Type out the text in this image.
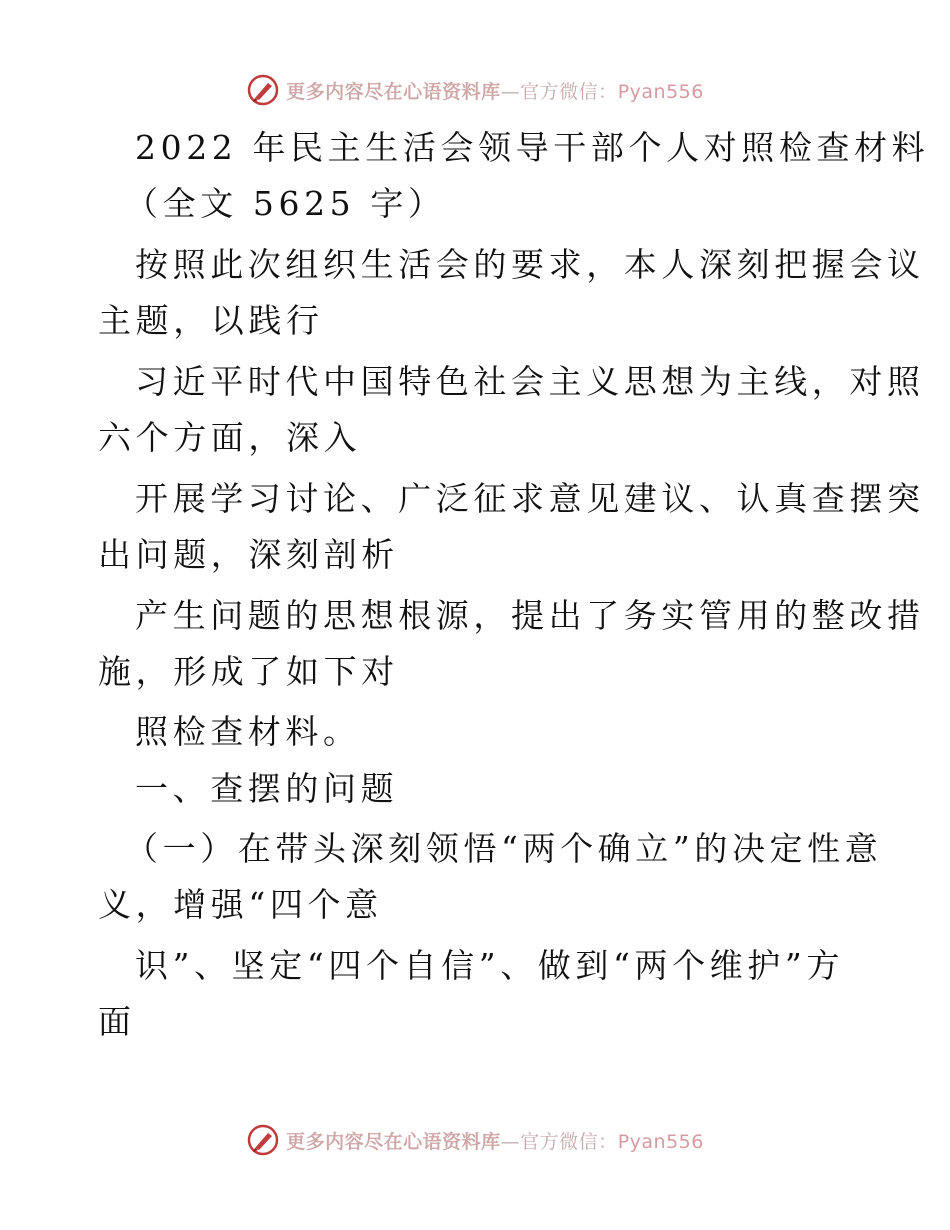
更多内容尽在心语资料库—官方微信：Pyan556
2022 年民主生活会领导干部个人对照检查材料
（全文 5625 字）
按照此次组织生活会的要求，本人深刻把握会议
主题，以践行
习近平时代中国特色社会主义思想为主线，对照
六个方面，深入
开展学习讨论、广泛征求意见建议、认真查摆突
出问题，深刻剖析
产生问题的思想根源，提出了务实管用的整改措
施，形成了如下对
照检查材料。
一、查摆的问题
（一）在带头深刻领悟“两个确立”的决定性意
义，增强“四个意
识”、坚定“四个自信”、做到“两个维护”方
面
更多内容尽在心语资料库—官方微信：Pyan556
